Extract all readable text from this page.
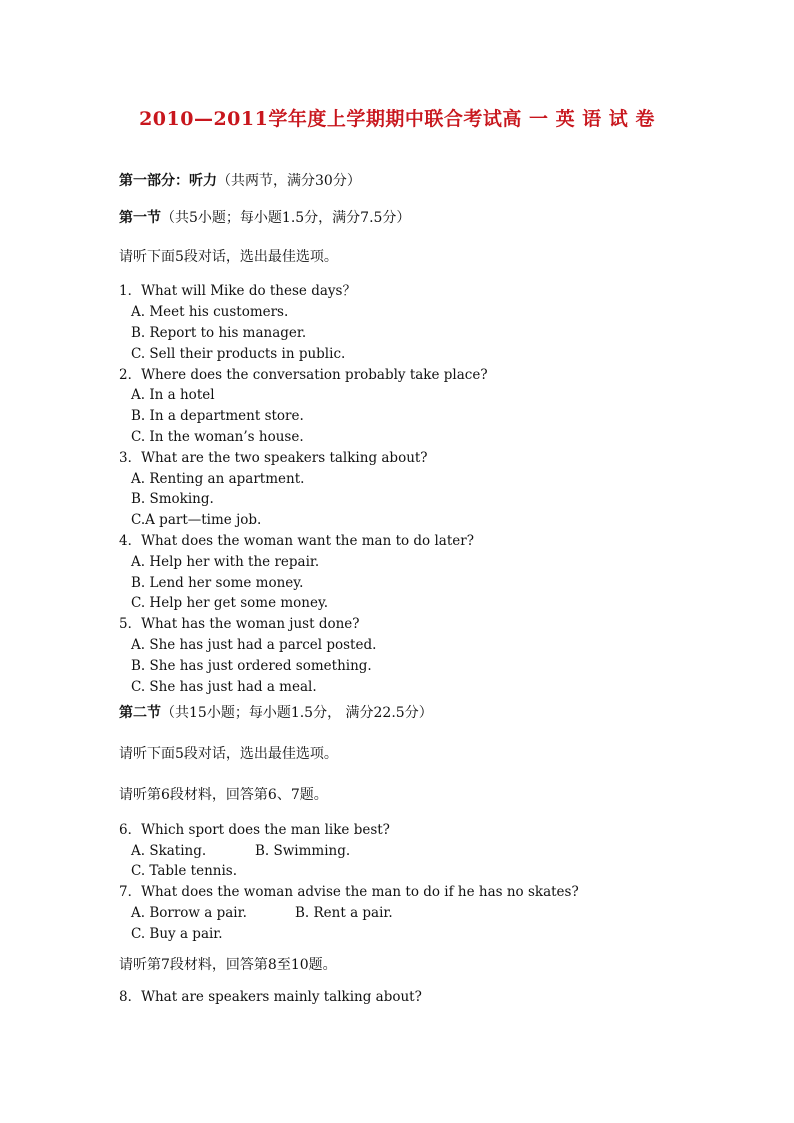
2010—2011学年度上学期期中联合考试高 一 英 语 试 卷
第一部分：听力（共两节，满分30分）
第一节（共5小题；每小题1.5分，满分7.5分）
请听下面5段对话，选出最佳选项。
1．What will Mike do these days？
A. Meet his customers.
B. Report to his manager.
C. Sell their products in public.
2．Where does the conversation probably take place?
A. In a hotel
B. In a department store.
C. In the woman’s house.
3．What are the two speakers talking about?
A. Renting an apartment.
B. Smoking.
C.A part—time job.
4．What does the woman want the man to do later?
A. Help her with the repair.
B. Lend her some money.
C. Help her get some money.
5．What has the woman just done?
A. She has just had a parcel posted.
B. She has just ordered something.
C. She has just had a meal.
第二节（共15小题；每小题1.5分， 满分22.5分）
请听下面5段对话，选出最佳选项。
请听第6段材料，回答第6、7题。
6．Which sport does the man like best?
A. Skating.	B. Swimming.
C. Table tennis.
7．What does the woman advise the man to do if he has no skates?
A. Borrow a pair.	B. Rent a pair.
C. Buy a pair.
请听第7段材料，回答第8至10题。
8．What are speakers mainly talking about?
